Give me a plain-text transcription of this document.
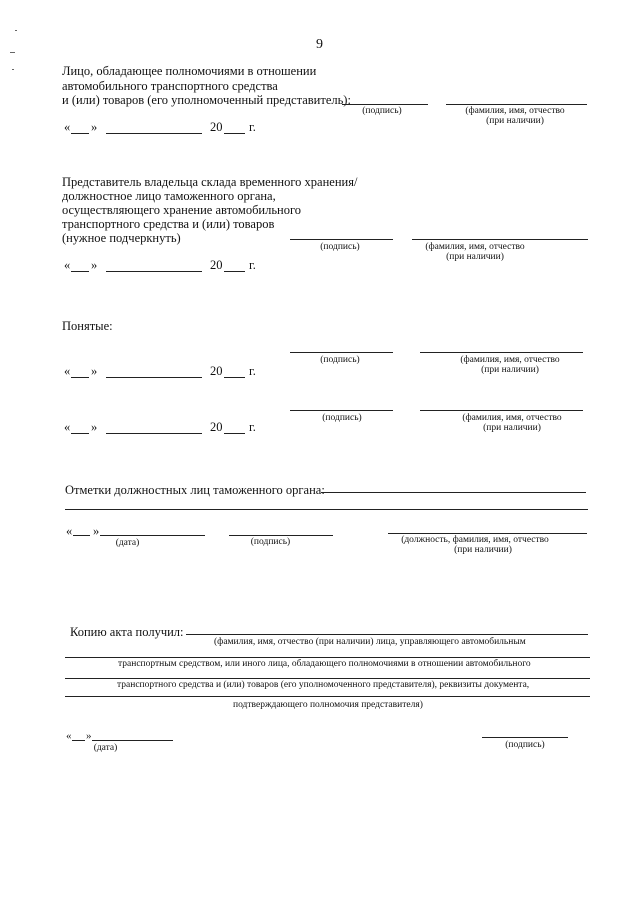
9
Лицо, обладающее полномочиями в отношении
автомобильного транспортного средства
и (или) товаров (его уполномоченный представитель):
(подпись)	(фамилия, имя, отчество
(при наличии)
« »	20 г.
Представитель владельца склада временного хранения/
должностное лицо таможенного органа,
осуществляющего хранение автомобильного
транспортного средства и (или) товаров
(нужное подчеркнуть)
(подпись)	(фамилия, имя, отчество
(при наличии)
« »	20 г.
Понятые:
(подпись)	(фамилия, имя, отчество
(при наличии)
« »	20 г.
(подпись)	(фамилия, имя, отчество
(при наличии)
« »	20 г.
Отметки должностных лиц таможенного органа:
« »
(дата)	(подпись)	(должность, фамилия, имя, отчество
(при наличии)
Копию акта получил:
(фамилия, имя, отчество (при наличии) лица, управляющего автомобильным
транспортным средством, или иного лица, обладающего полномочиями в отношении автомобильного
транспортного средства и (или) товаров (его уполномоченного представителя), реквизиты документа,
подтверждающего полномочия представителя)
« »
(дата)	(подпись)
